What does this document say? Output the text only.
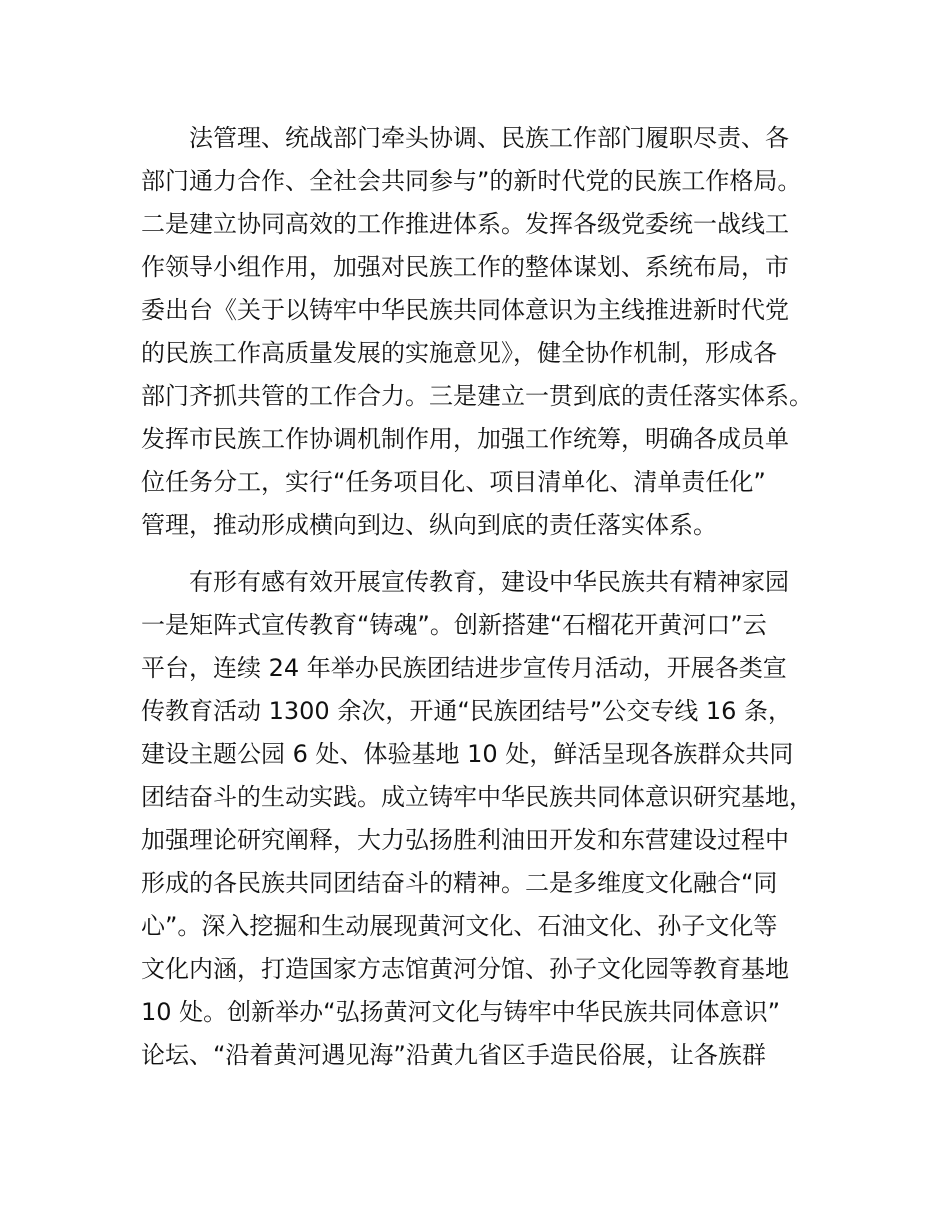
法管理、统战部门牵头协调、民族工作部门履职尽责、各

部门通力合作、全社会共同参与”的新时代党的民族工作格局。

二是建立协同高效的工作推进体系。发挥各级党委统一战线工

作领导小组作用，加强对民族工作的整体谋划、系统布局，市

委出台《关于以铸牢中华民族共同体意识为主线推进新时代党

的民族工作高质量发展的实施意见》，健全协作机制，形成各

部门齐抓共管的工作合力。三是建立一贯到底的责任落实体系。

发挥市民族工作协调机制作用，加强工作统筹，明确各成员单

位任务分工，实行“任务项目化、项目清单化、清单责任化”

管理，推动形成横向到边、纵向到底的责任落实体系。

有形有感有效开展宣传教育，建设中华民族共有精神家园

一是矩阵式宣传教育“铸魂”。创新搭建“石榴花开黄河口”云

平台，连续 24 年举办民族团结进步宣传月活动，开展各类宣

传教育活动 1300 余次，开通“民族团结号”公交专线 16 条，

建设主题公园 6 处、体验基地 10 处，鲜活呈现各族群众共同

团结奋斗的生动实践。成立铸牢中华民族共同体意识研究基地，

加强理论研究阐释，大力弘扬胜利油田开发和东营建设过程中

形成的各民族共同团结奋斗的精神。二是多维度文化融合“同

心”。深入挖掘和生动展现黄河文化、石油文化、孙子文化等

文化内涵，打造国家方志馆黄河分馆、孙子文化园等教育基地

10 处。创新举办“弘扬黄河文化与铸牢中华民族共同体意识”

论坛、“沿着黄河遇见海”沿黄九省区手造民俗展，让各族群
